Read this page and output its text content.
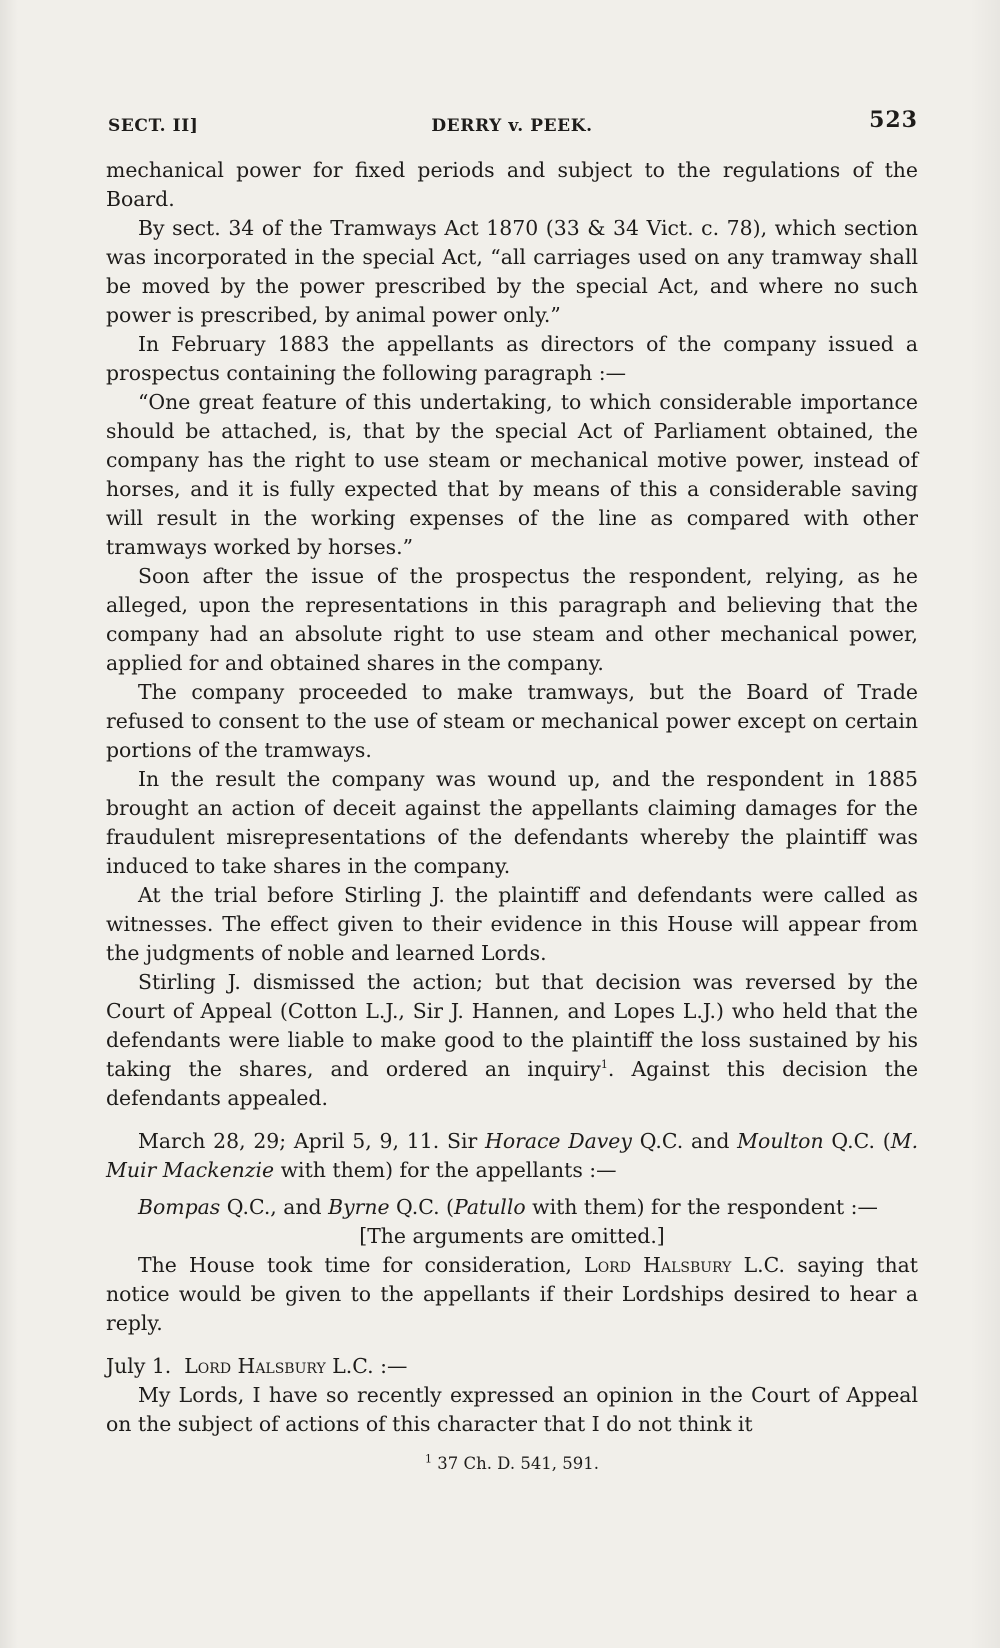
SECT. II]	DERRY v. PEEK.	523

mechanical power for fixed periods and subject to the regulations of the Board.

By sect. 34 of the Tramways Act 1870 (33 & 34 Vict. c. 78), which section was incorporated in the special Act, “all carriages used on any tramway shall be moved by the power prescribed by the special Act, and where no such power is prescribed, by animal power only.”

In February 1883 the appellants as directors of the company issued a prospectus containing the following paragraph :—

“One great feature of this undertaking, to which considerable importance should be attached, is, that by the special Act of Parliament obtained, the company has the right to use steam or mechanical motive power, instead of horses, and it is fully expected that by means of this a considerable saving will result in the working expenses of the line as compared with other tramways worked by horses.”

Soon after the issue of the prospectus the respondent, relying, as he alleged, upon the representations in this paragraph and believing that the company had an absolute right to use steam and other mechanical power, applied for and obtained shares in the company.

The company proceeded to make tramways, but the Board of Trade refused to consent to the use of steam or mechanical power except on certain portions of the tramways.

In the result the company was wound up, and the respondent in 1885 brought an action of deceit against the appellants claiming damages for the fraudulent misrepresentations of the defendants whereby the plaintiff was induced to take shares in the company.

At the trial before Stirling J. the plaintiff and defendants were called as witnesses. The effect given to their evidence in this House will appear from the judgments of noble and learned Lords.

Stirling J. dismissed the action; but that decision was reversed by the Court of Appeal (Cotton L.J., Sir J. Hannen, and Lopes L.J.) who held that the defendants were liable to make good to the plaintiff the loss sustained by his taking the shares, and ordered an inquiry$^1$. Against this decision the defendants appealed.

March 28, 29; April 5, 9, 11. Sir Horace Davey Q.C. and Moulton Q.C. (M. Muir Mackenzie with them) for the appellants :—

Bompas Q.C., and Byrne Q.C. (Patullo with them) for the respondent :—

[The arguments are omitted.]

The House took time for consideration, Lord Halsbury L.C. saying that notice would be given to the appellants if their Lordships desired to hear a reply.

July 1. Lord Halsbury L.C. :—

My Lords, I have so recently expressed an opinion in the Court of Appeal on the subject of actions of this character that I do not think it

$^1$ 37 Ch. D. 541, 591.
